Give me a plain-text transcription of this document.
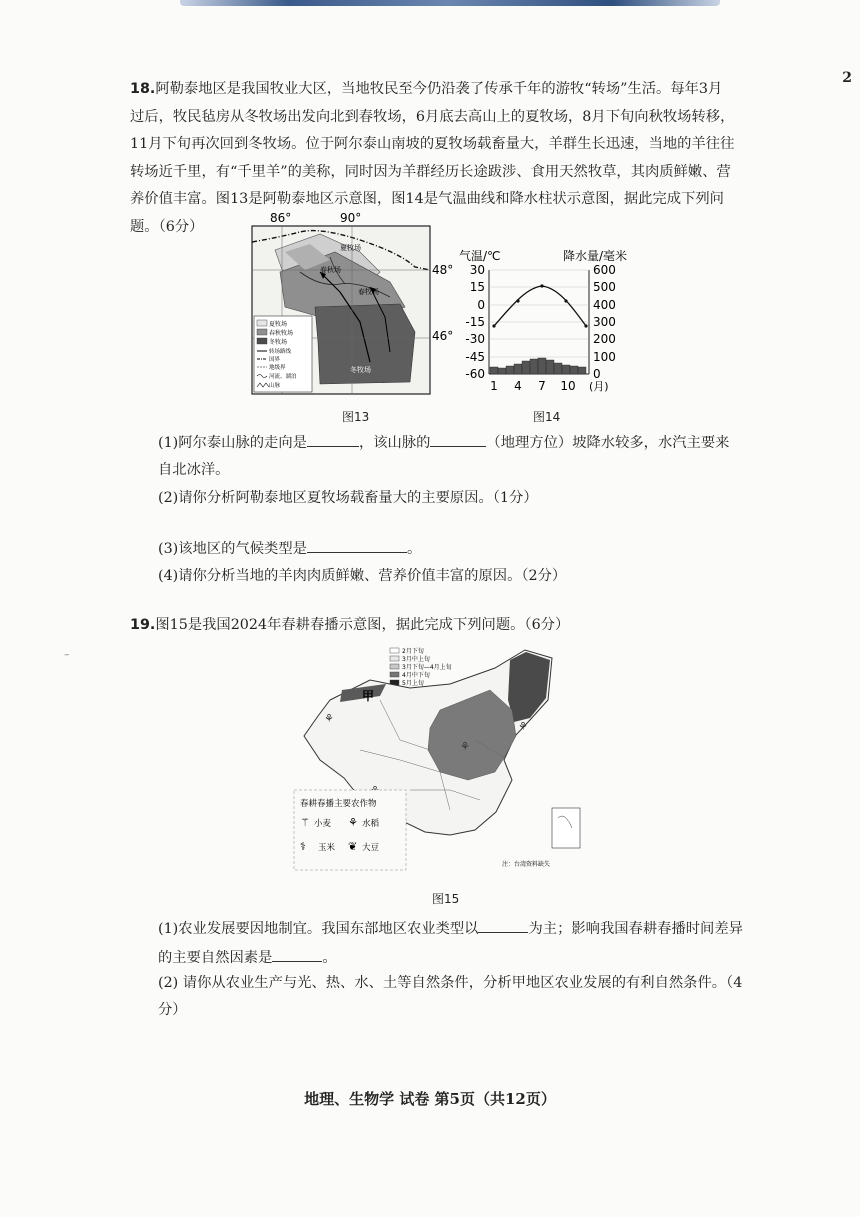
2
18.阿勒泰地区是我国牧业大区，当地牧民至今仍沿袭了传承千年的游牧“转场”生活。每年3月过后，牧民毡房从冬牧场出发向北到春牧场，6月底去高山上的夏牧场，8月下旬向秋牧场转移，11月下旬再次回到冬牧场。位于阿尔泰山南坡的夏牧场载畜量大，羊群生长迅速，当地的羊往往转场近千里，有“千里羊”的美称，同时因为羊群经历长途跋涉、食用天然牧草，其肉质鲜嫩、营养价值丰富。图13是阿勒泰地区示意图，图14是气温曲线和降水柱状示意图，据此完成下列问题。（6分）
86°	90°
48°
46°
春秋场
夏牧场
冬牧场
春牧场
夏牧场
春秋牧场
冬牧场
转场路线
国界
地级界
河流、湖泊
山脉
图13
气温/℃	降水量/毫米
30
15
0
-15
-30
-45
-60
600
500
400
300
200
100
0
1 4 7 10 (月)
图14
(1)阿尔泰山脉的走向是	，该山脉的	（地理方位）坡降水较多，水汽主要来自北冰洋。
(2)请你分析阿勒泰地区夏牧场载畜量大的主要原因。（1分）
(3)该地区的气候类型是	。
(4)请你分析当地的羊肉肉质鲜嫩、营养价值丰富的原因。（2分）
19.图15是我国2024年春耕春播示意图，据此完成下列问题。（6分）
–	2月下旬
3月中上旬
3月下旬—4月上旬
4月中下旬
5月上旬
甲
⚘
⚘
⚘
注：台湾资料缺失
春耕春播主要农作物
⚚ 小麦 ⚘ 水稻
⚕ 玉米 ❦ 大豆
图15
(1)农业发展要因地制宜。我国东部地区农业类型以	为主；影响我国春耕春播时间差异的主要自然因素是	。
(2) 请你从农业生产与光、热、水、土等自然条件，分析甲地区农业发展的有利自然条件。（4分）
地理、生物学 试卷 第5页（共12页）
